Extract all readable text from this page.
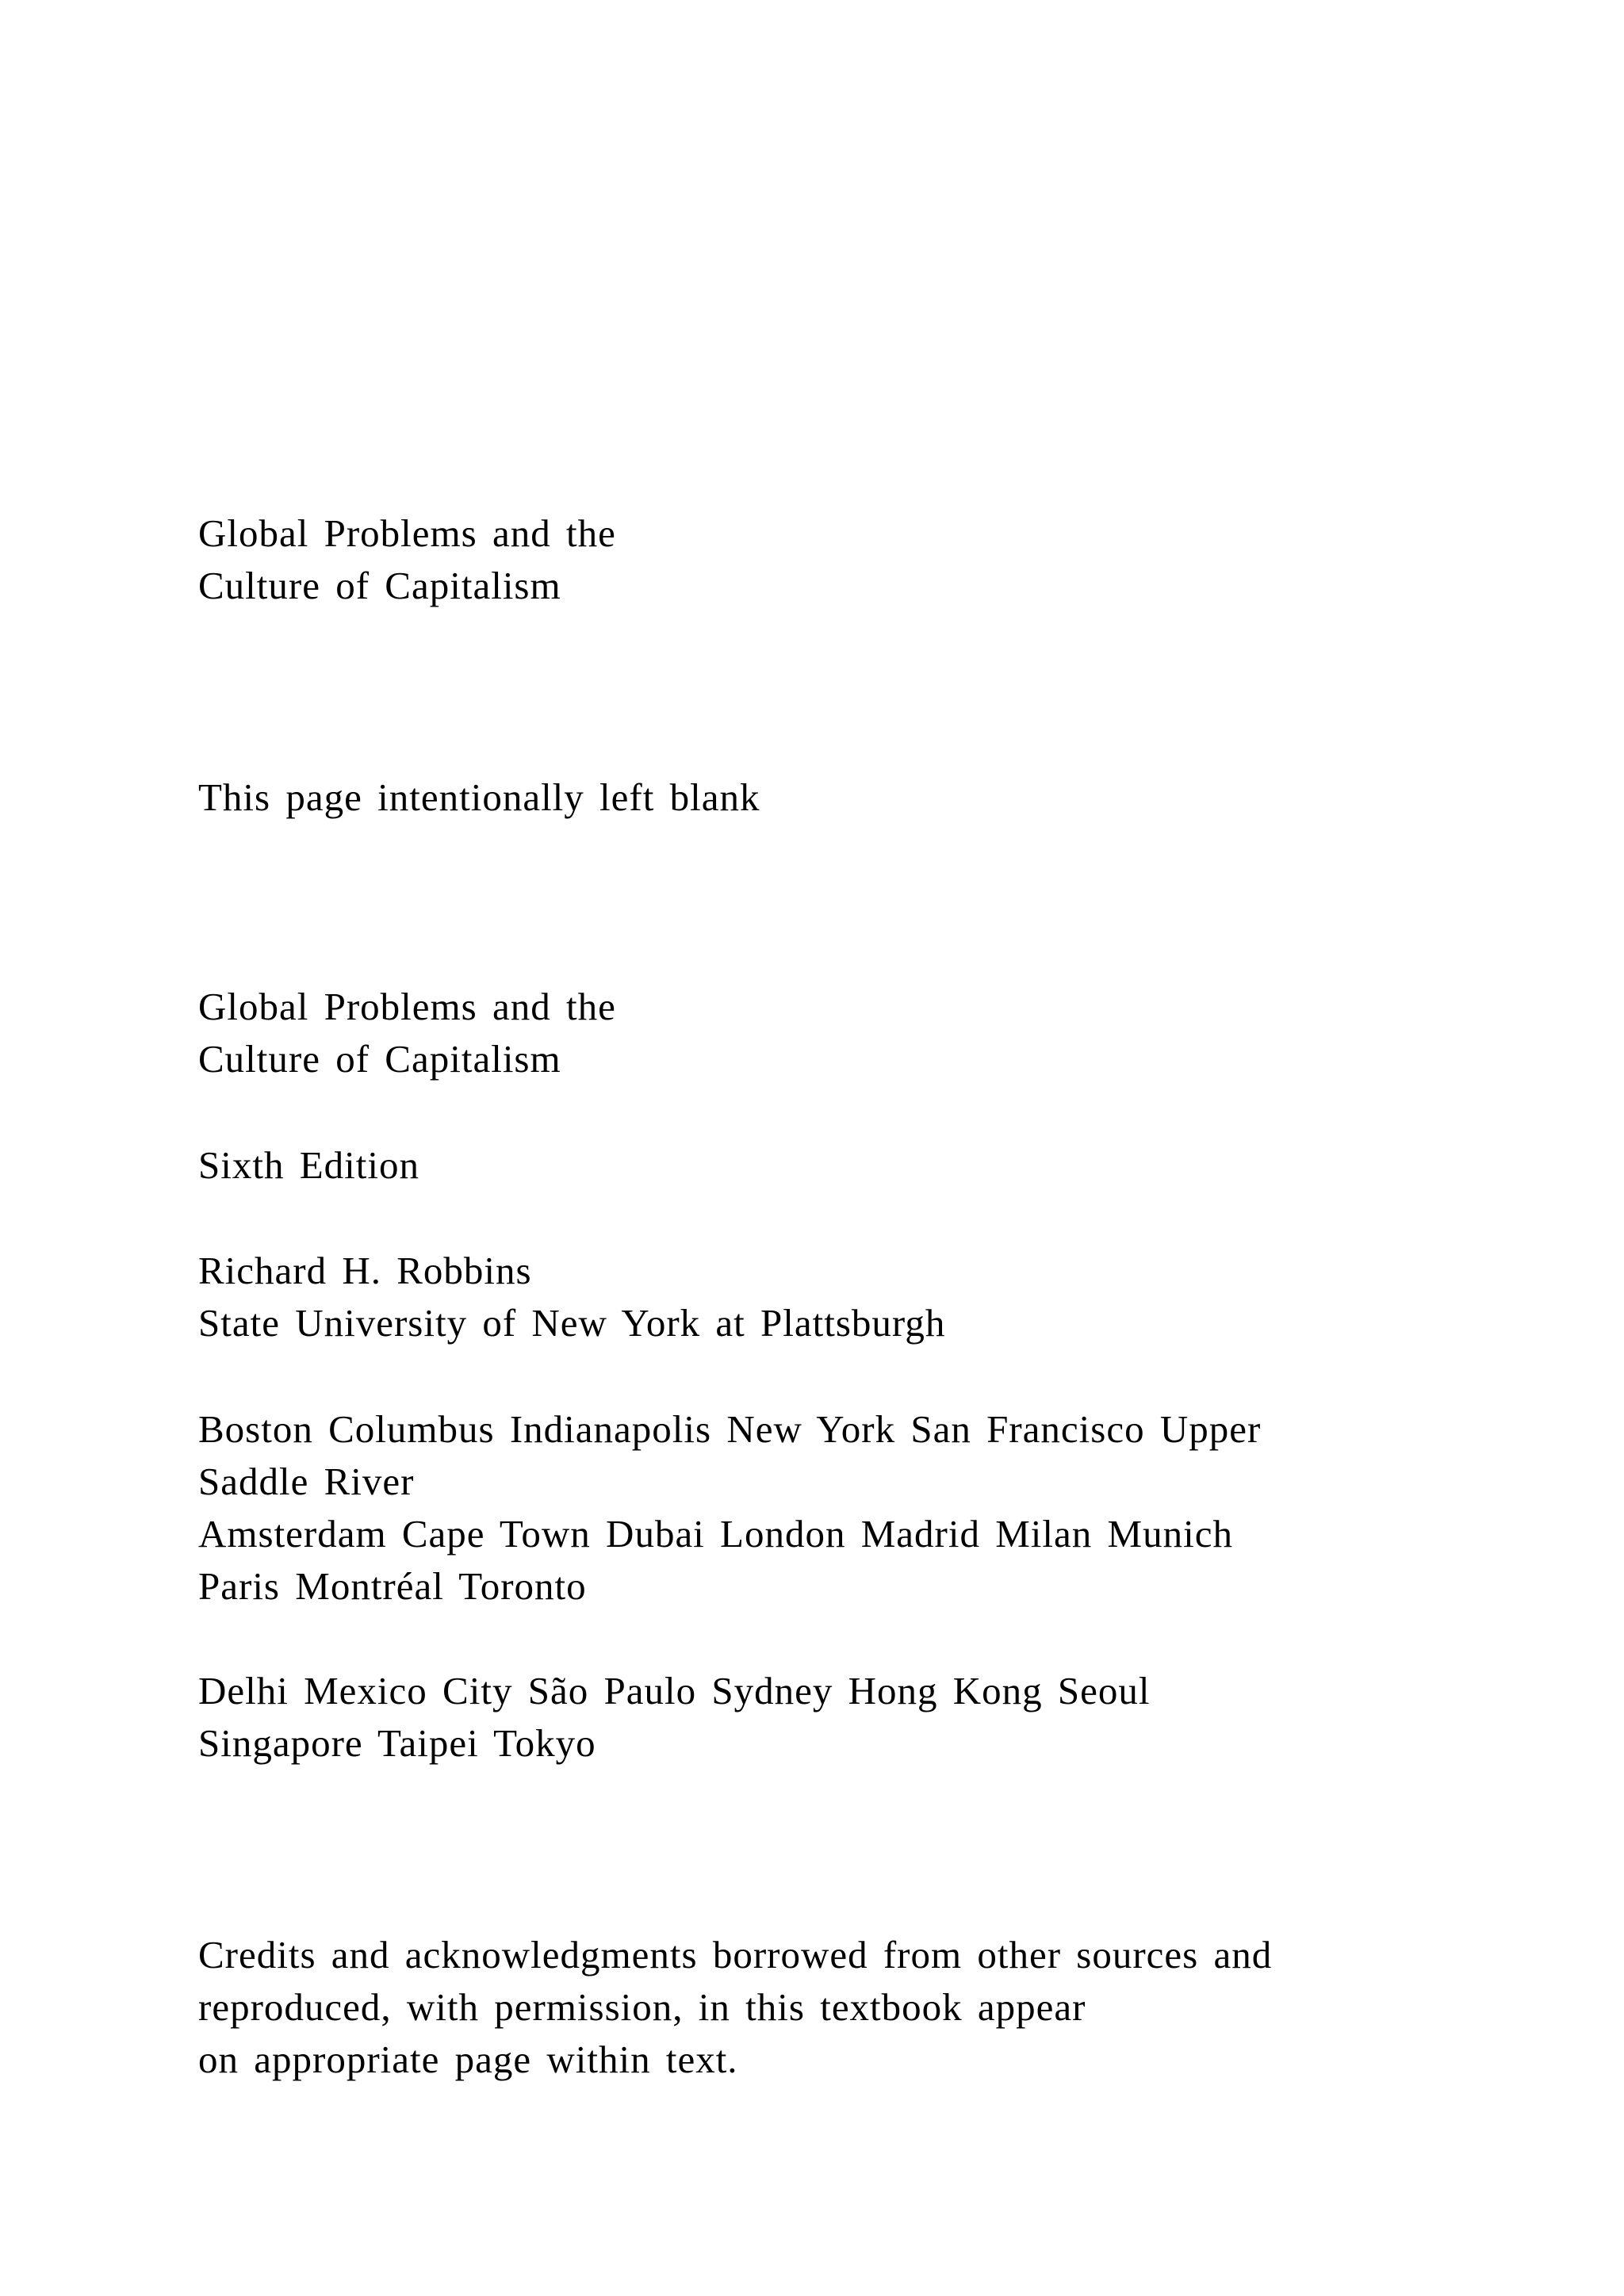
Global Problems and the

Culture of Capitalism

This page intentionally left blank

Global Problems and the

Culture of Capitalism

Sixth Edition

Richard H. Robbins

State University of New York at Plattsburgh

Boston Columbus Indianapolis New York San Francisco Upper

Saddle River

Amsterdam Cape Town Dubai London Madrid Milan Munich

Paris Montréal Toronto

Delhi Mexico City São Paulo Sydney Hong Kong Seoul

Singapore Taipei Tokyo

Credits and acknowledgments borrowed from other sources and

reproduced, with permission, in this textbook appear

on appropriate page within text.
